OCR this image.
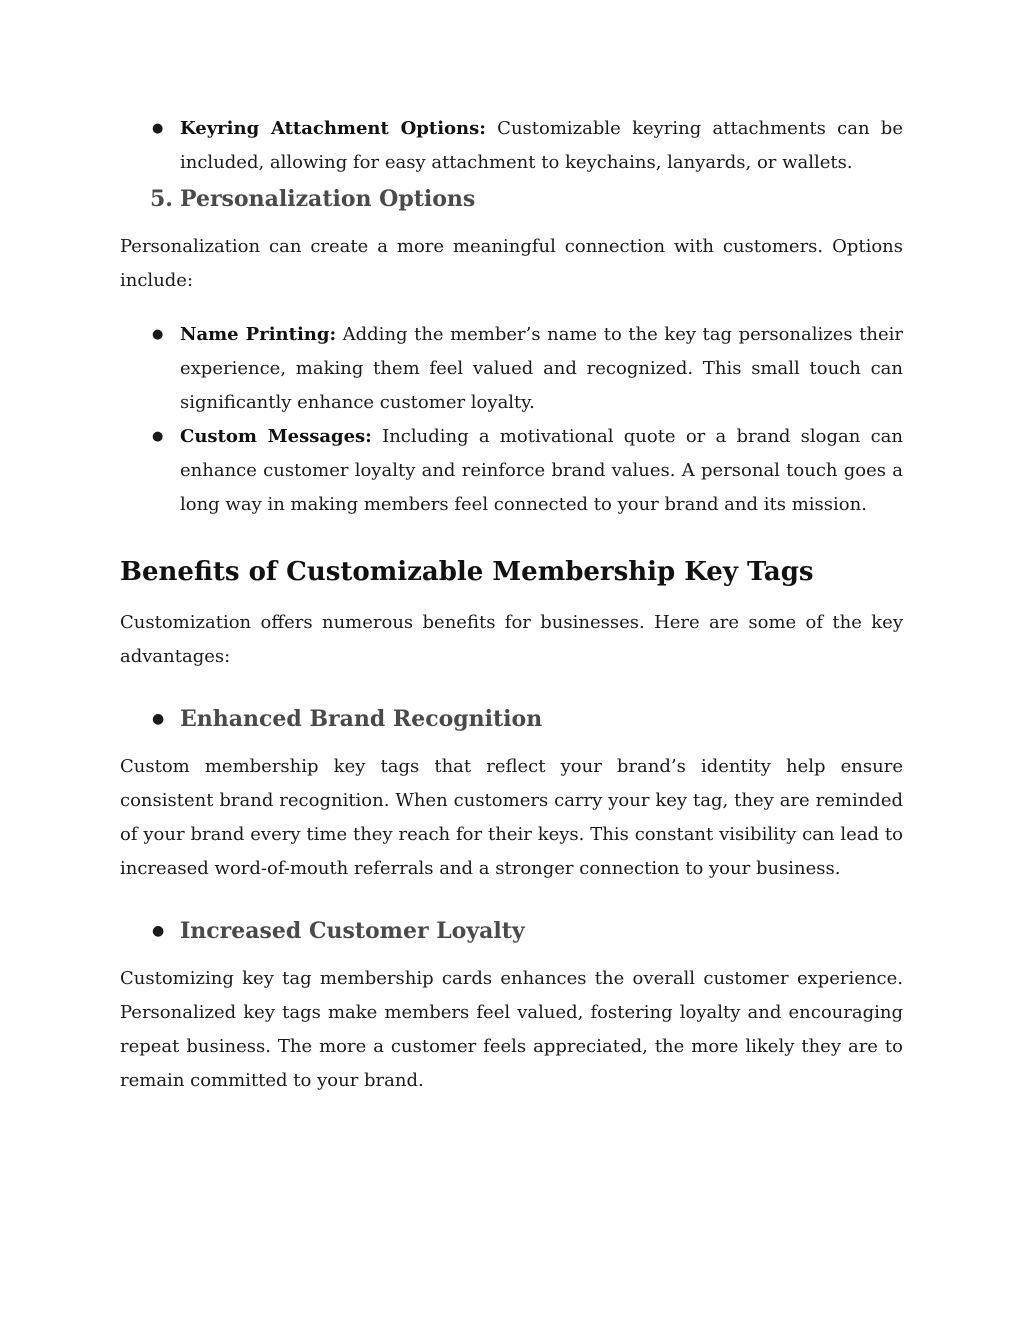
● Keyring Attachment Options: Customizable keyring attachments can be included, allowing for easy attachment to keychains, lanyards, or wallets.
5. Personalization Options

Personalization can create a more meaningful connection with customers. Options include:

● Name Printing: Adding the member’s name to the key tag personalizes their experience, making them feel valued and recognized. This small touch can significantly enhance customer loyalty.
● Custom Messages: Including a motivational quote or a brand slogan can enhance customer loyalty and reinforce brand values. A personal touch goes a long way in making members feel connected to your brand and its mission.
Benefits of Customizable Membership Key Tags

Customization offers numerous benefits for businesses. Here are some of the key advantages:

● Enhanced Brand Recognition

Custom membership key tags that reflect your brand’s identity help ensure consistent brand recognition. When customers carry your key tag, they are reminded of your brand every time they reach for their keys. This constant visibility can lead to increased word-of-mouth referrals and a stronger connection to your business.

● Increased Customer Loyalty

Customizing key tag membership cards enhances the overall customer experience. Personalized key tags make members feel valued, fostering loyalty and encouraging repeat business. The more a customer feels appreciated, the more likely they are to remain committed to your brand.
